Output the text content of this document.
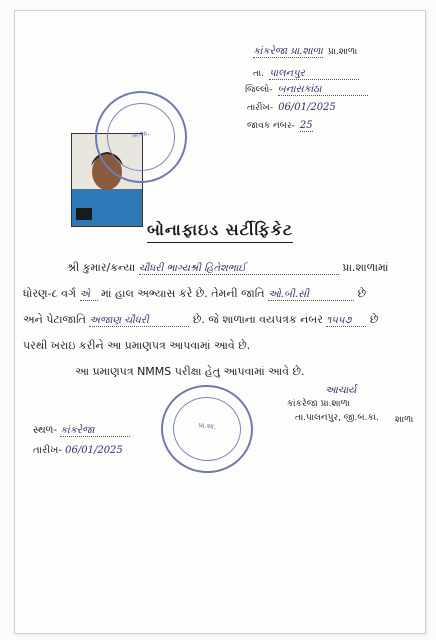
કાંકરેજા પ્રા.શાળા પ્રા.શાળા
તા. પાલનપુર
જિલ્લો- બનાસકાંઠા
તારીખ- 06/01/2025
જાવક નંબર- 25
પ્રા.શા.
બોનાફાઇડ સર્ટીફિકેટ
શ્રી કુમાર/કન્યા ચૌધરી ભાગ્યશ્રી હિતેશભાઈ	પ્રા.શાળામાં
ધોરણ-૮ વર્ગ એ માં હાલ અભ્યાસ કરે છે. તેમની જાતિ ઓ.બી.સી	છે
અને પેટાજાતિ અજાણ ચૌધરી	છે. જે શાળાના વયપત્રક નંબર ૧૫૫૭ છે
પરથી ખરાઇ કરીને આ પ્રમાણપત્ર આપવામાં આવે છે.
આ પ્રમાણપત્ર NMMS પરીક્ષા હેતુ આપવામાં આવે છે.
આચાર્ય
કાંકરેજા પ્રા.શાળા
તા.પાલનપુર, જી.બ.કાં. શાળા
પ્રા.શા.
સ્થળ- કાંકરેજા
તારીખ- 06/01/2025
